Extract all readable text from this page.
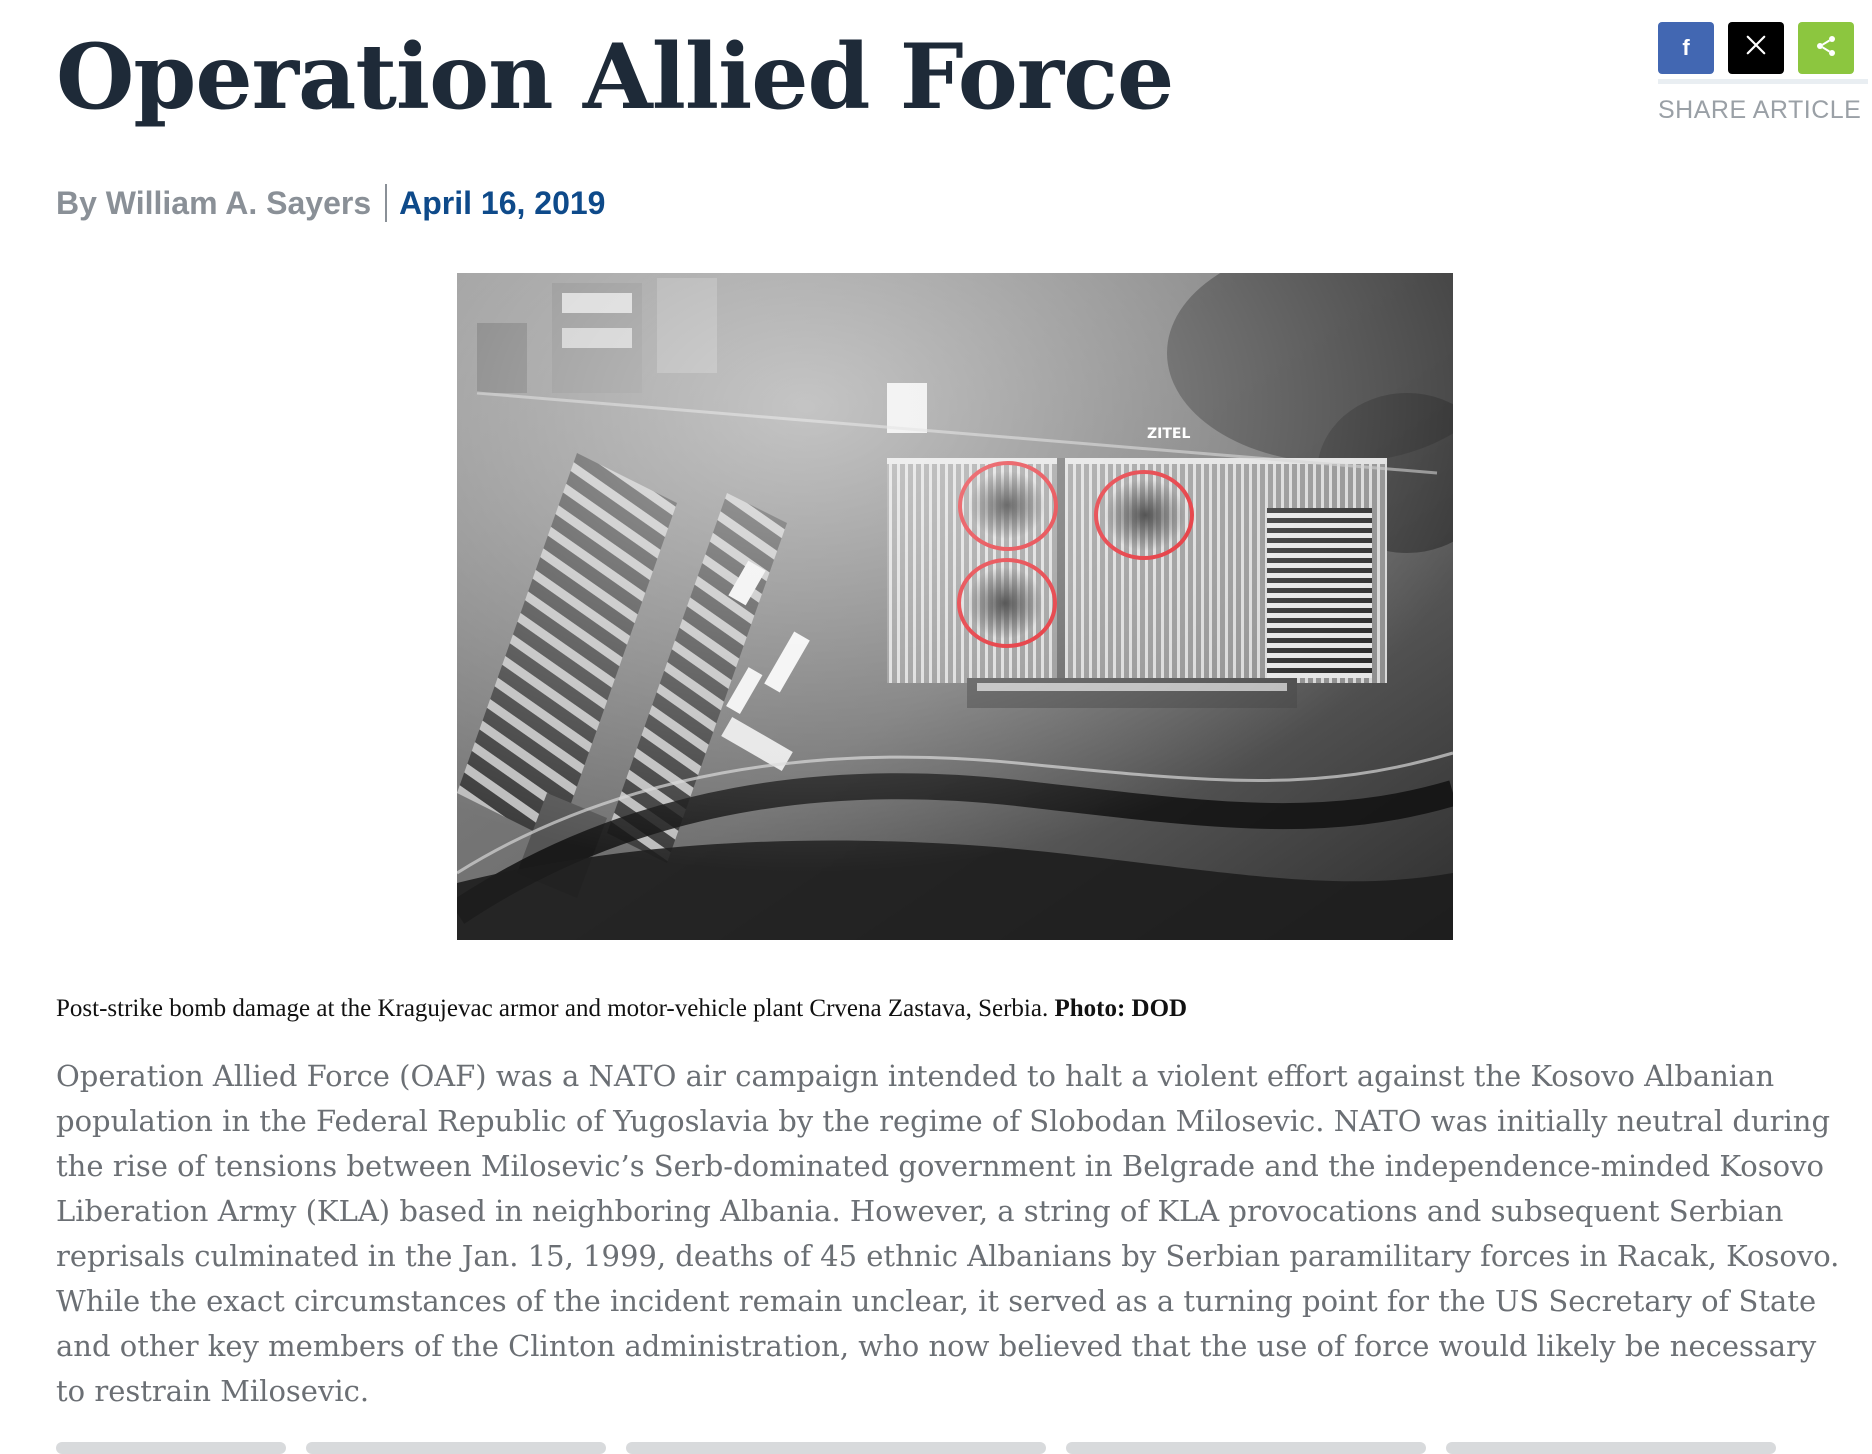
Operation Allied Force	f
SHARE ARTICLE
By William A. Sayers April 16, 2019
Post-strike bomb damage at the Kragujevac armor and motor-vehicle plant Crvena Zastava, Serbia. Photo: DOD

Operation Allied Force (OAF) was a NATO air campaign intended to halt a violent effort against the Kosovo Albanian
population in the Federal Republic of Yugoslavia by the regime of Slobodan Milosevic. NATO was initially neutral during
the rise of tensions between Milosevic’s Serb-dominated government in Belgrade and the independence-minded Kosovo
Liberation Army (KLA) based in neighboring Albania. However, a string of KLA provocations and subsequent Serbian
reprisals culminated in the Jan. 15, 1999, deaths of 45 ethnic Albanians by Serbian paramilitary forces in Racak, Kosovo.
While the exact circumstances of the incident remain unclear, it served as a turning point for the US Secretary of State
and other key members of the Clinton administration, who now believed that the use of force would likely be necessary
to restrain Milosevic.
